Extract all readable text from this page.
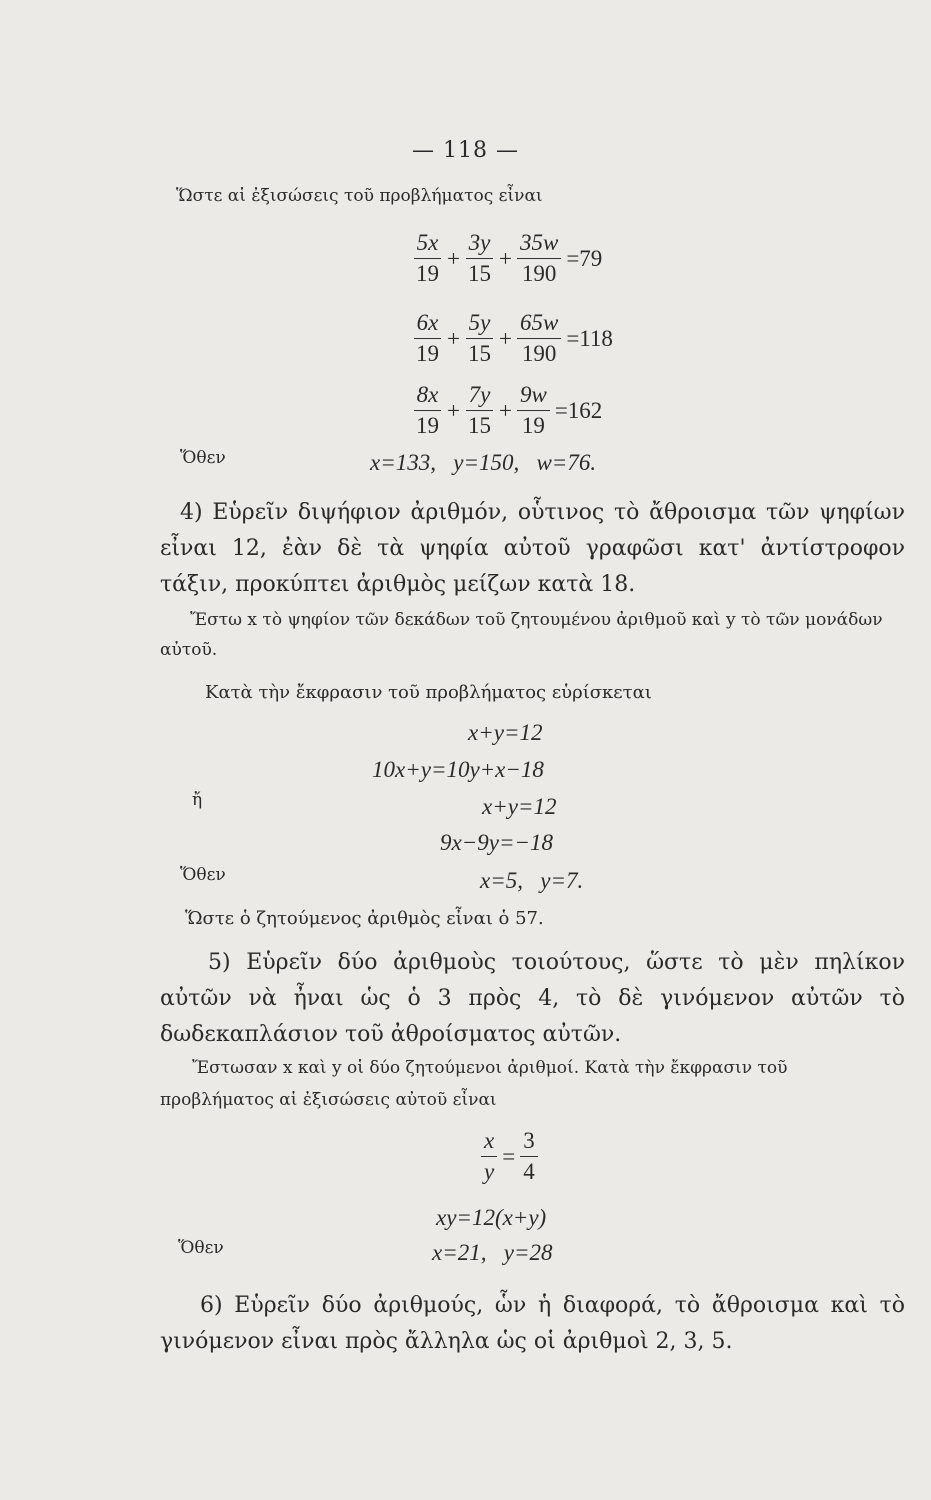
— 118 —
Ὥστε αἱ ἐξισώσεις τοῦ προβλήματος εἶναι
$\frac{5x}{19} + \frac{3y}{15} + \frac{35w}{190} =79$
$\frac{6x}{19} + \frac{5y}{15} + \frac{65w}{190} =118$
$\frac{8x}{19} + \frac{7y}{15} + \frac{9w}{19} =162$
Ὅθεν	x=133,   y=150,   w=76.
4) Εὑρεῖν διψήφιον ἀριθμόν, οὗτινος τὸ ἄθροισμα τῶν ψηφίων εἶναι 12, ἐὰν δὲ τὰ ψηφία αὐτοῦ γραφῶσι κατ' ἀντίστροφον τάξιν, προκύπτει ἀριθμὸς μείζων κατὰ 18.
Ἔστω x τὸ ψηφίον τῶν δεκάδων τοῦ ζητουμένου ἀριθμοῦ καὶ y τὸ τῶν μονάδων αὐτοῦ.
Κατὰ τὴν ἔκφρασιν τοῦ προβλήματος εὑρίσκεται
x+y=12
10x+y=10y+x−18
ἤ	x+y=12
9x−9y=−18
Ὅθεν	x=5,   y=7.
Ὥστε ὁ ζητούμενος ἀριθμὸς εἶναι ὁ 57.
5) Εὑρεῖν δύο ἀριθμοὺς τοιούτους, ὥστε τὸ μὲν πηλίκον αὐτῶν νὰ ἦναι ὡς ὁ 3 πρὸς 4, τὸ δὲ γινόμενον αὐτῶν τὸ δωδεκαπλάσιον τοῦ ἀθροίσματος αὐτῶν.
Ἔστωσαν x καὶ y οἱ δύο ζητούμενοι ἀριθμοί. Κατὰ τὴν ἔκφρασιν τοῦ προβλήματος αἱ ἐξισώσεις αὐτοῦ εἶναι
$\frac{x}{y} = \frac{3}{4}$
xy=12(x+y)
Ὅθεν	x=21,   y=28
6) Εὑρεῖν δύο ἀριθμούς, ὧν ἡ διαφορά, τὸ ἄθροισμα καὶ τὸ γινόμενον εἶναι πρὸς ἄλληλα ὡς οἱ ἀριθμοὶ 2, 3, 5.
